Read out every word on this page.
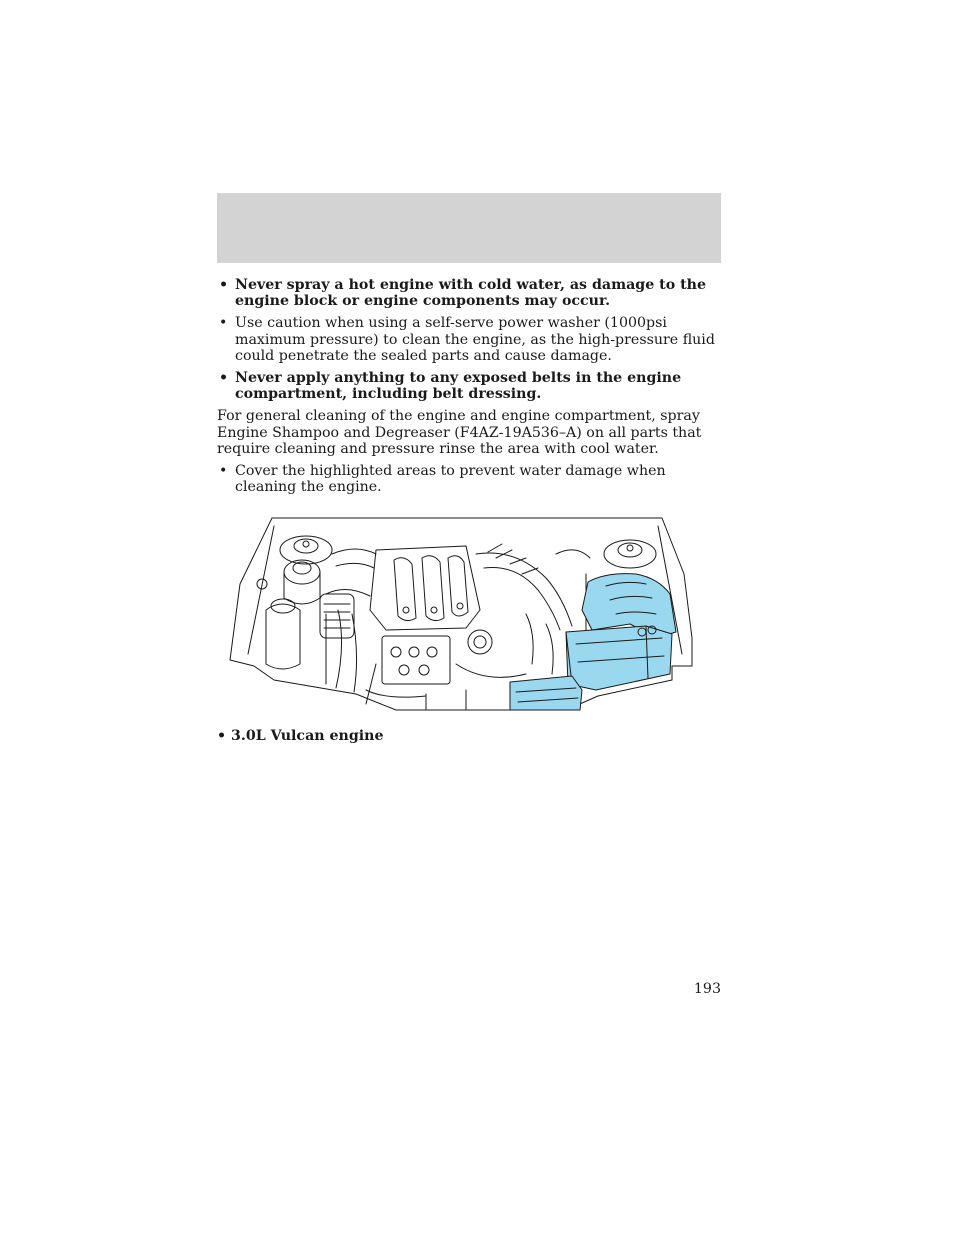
• Never spray a hot engine with cold water, as damage to the engine block or engine components may occur.
• Use caution when using a self-serve power washer (1000psi maximum pressure) to clean the engine, as the high-pressure fluid could penetrate the sealed parts and cause damage.
• Never apply anything to any exposed belts in the engine compartment, including belt dressing.

For general cleaning of the engine and engine compartment, spray Engine Shampoo and Degreaser (F4AZ-19A536–A) on all parts that require cleaning and pressure rinse the area with cool water.

• Cover the highlighted areas to prevent water damage when cleaning the engine.
• 3.0L Vulcan engine
193
